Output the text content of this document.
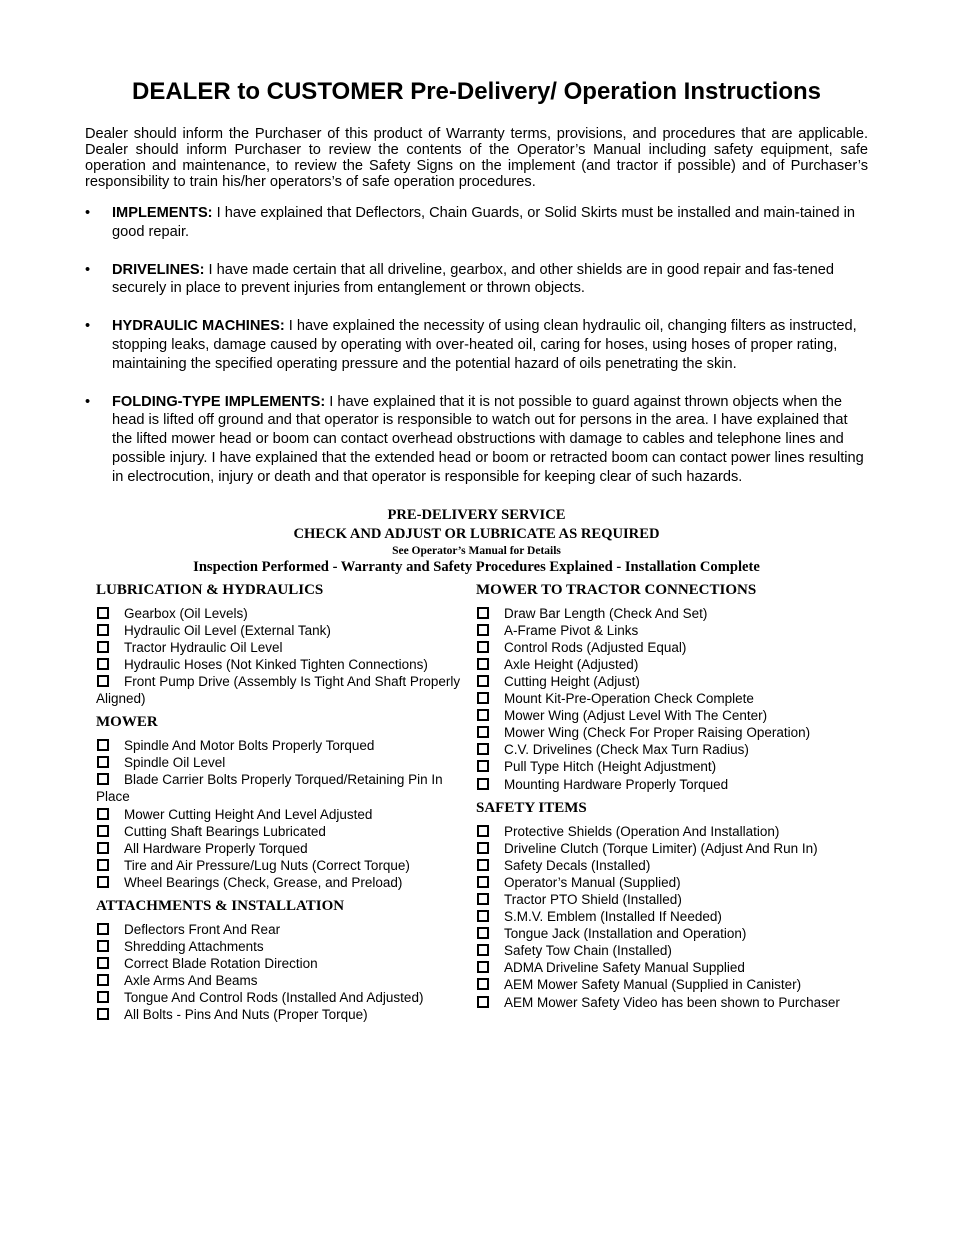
DEALER to CUSTOMER Pre-Delivery/ Operation Instructions

Dealer should inform the Purchaser of this product of Warranty terms, provisions, and procedures that are applicable. Dealer should inform Purchaser to review the contents of the Operator’s Manual including safety equipment, safe operation and maintenance, to review the Safety Signs on the implement (and tractor if possible) and of Purchaser’s responsibility to train his/her operators’s of safe operation procedures.

• IMPLEMENTS: I have explained that Deflectors, Chain Guards, or Solid Skirts must be installed and main-tained in good repair.
• DRIVELINES: I have made certain that all driveline, gearbox, and other shields are in good repair and fas-tened securely in place to prevent injuries from entanglement or thrown objects.
• HYDRAULIC MACHINES: I have explained the necessity of using clean hydraulic oil, changing filters as instructed, stopping leaks, damage caused by operating with over-heated oil, caring for hoses, using hoses of proper rating, maintaining the specified operating pressure and the potential hazard of oils penetrating the skin.
• FOLDING-TYPE IMPLEMENTS: I have explained that it is not possible to guard against thrown objects when the head is lifted off ground and that operator is responsible to watch out for persons in the area. I have explained that the lifted mower head or boom can contact overhead obstructions with damage to cables and telephone lines and possible injury. I have explained that the extended head or boom or retracted boom can contact power lines resulting in electrocution, injury or death and that operator is responsible for keeping clear of such hazards.
PRE-DELIVERY SERVICE
CHECK AND ADJUST OR LUBRICATE AS REQUIRED
See Operator’s Manual for Details
Inspection Performed - Warranty and Safety Procedures Explained - Installation Complete
LUBRICATION & HYDRAULICS
Gearbox (Oil Levels)
Hydraulic Oil Level (External Tank)
Tractor Hydraulic Oil Level
Hydraulic Hoses (Not Kinked Tighten Connections)
Front Pump Drive (Assembly Is Tight And Shaft Properly Aligned)
MOWER
Spindle And Motor Bolts Properly Torqued
Spindle Oil Level
Blade Carrier Bolts Properly Torqued/Retaining Pin In Place
Mower Cutting Height And Level Adjusted
Cutting Shaft Bearings Lubricated
All Hardware Properly Torqued
Tire and Air Pressure/Lug Nuts (Correct Torque)
Wheel Bearings (Check, Grease, and Preload)
ATTACHMENTS & INSTALLATION
Deflectors Front And Rear
Shredding Attachments
Correct Blade Rotation Direction
Axle Arms And Beams
Tongue And Control Rods (Installed And Adjusted)
All Bolts - Pins And Nuts (Proper Torque)
MOWER TO TRACTOR CONNECTIONS
Draw Bar Length (Check And Set)
A-Frame Pivot & Links
Control Rods (Adjusted Equal)
Axle Height (Adjusted)
Cutting Height (Adjust)
Mount Kit-Pre-Operation Check Complete
Mower Wing (Adjust Level With The Center)
Mower Wing (Check For Proper Raising Operation)
C.V. Drivelines (Check Max Turn Radius)
Pull Type Hitch (Height Adjustment)
Mounting Hardware Properly Torqued
SAFETY ITEMS
Protective Shields (Operation And Installation)
Driveline Clutch (Torque Limiter) (Adjust And Run In)
Safety Decals (Installed)
Operator’s Manual (Supplied)
Tractor PTO Shield (Installed)
S.M.V. Emblem (Installed If Needed)
Tongue Jack (Installation and Operation)
Safety Tow Chain (Installed)
ADMA Driveline Safety Manual Supplied
AEM Mower Safety Manual (Supplied in Canister)
AEM Mower Safety Video has been shown to Purchaser
